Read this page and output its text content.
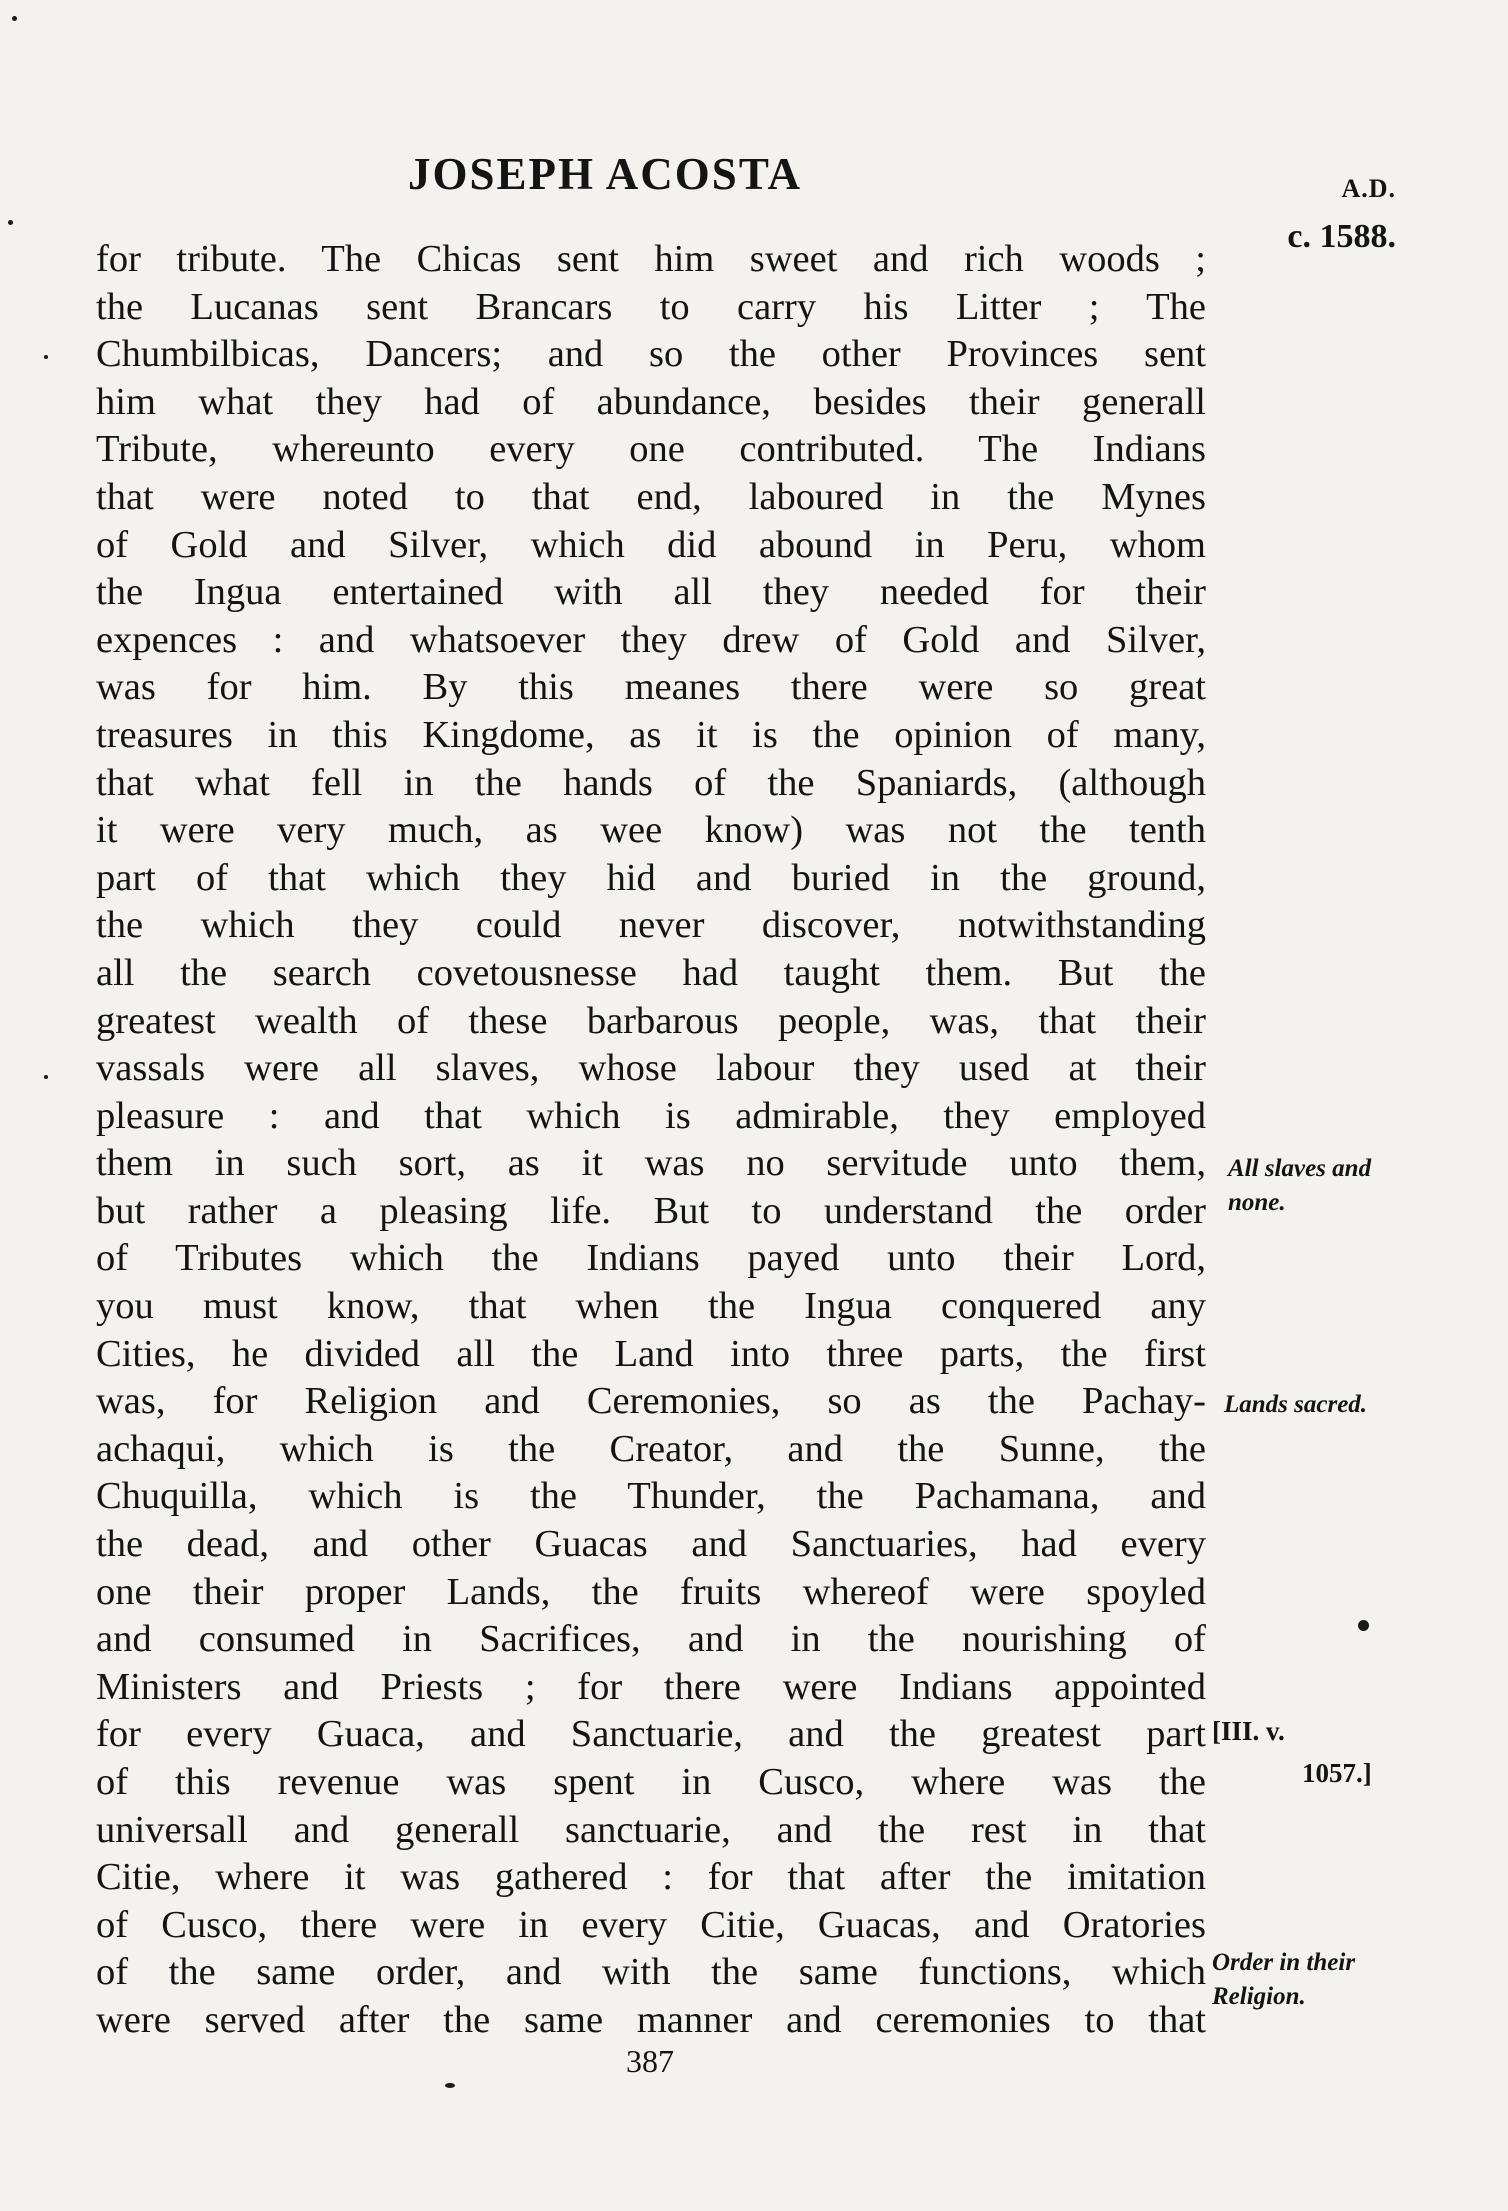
JOSEPH ACOSTA	A.D.
c. 1588.
for tribute. The Chicas sent him sweet and rich woods ;
the Lucanas sent Brancars to carry his Litter ; The
Chumbilbicas, Dancers; and so the other Provinces sent
him what they had of abundance, besides their generall
Tribute, whereunto every one contributed. The Indians
that were noted to that end, laboured in the Mynes
of Gold and Silver, which did abound in Peru, whom
the Ingua entertained with all they needed for their
expences : and whatsoever they drew of Gold and Silver,
was for him. By this meanes there were so great
treasures in this Kingdome, as it is the opinion of many,
that what fell in the hands of the Spaniards, (although
it were very much, as wee know) was not the tenth
part of that which they hid and buried in the ground,
the which they could never discover, notwithstanding
all the search covetousnesse had taught them. But the
greatest wealth of these barbarous people, was, that their
vassals were all slaves, whose labour they used at their
pleasure : and that which is admirable, they employed
them in such sort, as it was no servitude unto them,
but rather a pleasing life. But to understand the order
of Tributes which the Indians payed unto their Lord,
you must know, that when the Ingua conquered any
Cities, he divided all the Land into three parts, the first
was, for Religion and Ceremonies, so as the Pachay-
achaqui, which is the Creator, and the Sunne, the
Chuquilla, which is the Thunder, the Pachamana, and
the dead, and other Guacas and Sanctuaries, had every
one their proper Lands, the fruits whereof were spoyled
and consumed in Sacrifices, and in the nourishing of
Ministers and Priests ; for there were Indians appointed
for every Guaca, and Sanctuarie, and the greatest part
of this revenue was spent in Cusco, where was the
universall and generall sanctuarie, and the rest in that
Citie, where it was gathered : for that after the imitation
of Cusco, there were in every Citie, Guacas, and Oratories
of the same order, and with the same functions, which
were served after the same manner and ceremonies to that
All slaves and
none.
Lands sacred.
[III. v.
1057.]
Order in their
Religion.
387
